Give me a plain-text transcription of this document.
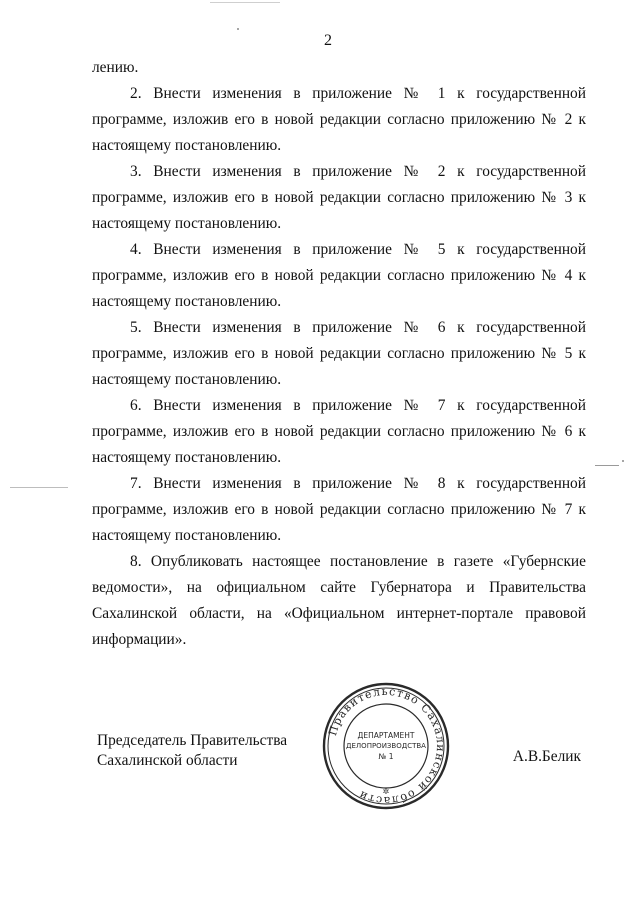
2

лению.

2. Внести изменения в приложение № 1 к государственной программе, изложив его в новой редакции согласно приложению № 2 к настоящему постановлению.

3. Внести изменения в приложение № 2 к государственной программе, изложив его в новой редакции согласно приложению № 3 к настоящему постановлению.

4. Внести изменения в приложение № 5 к государственной программе, изложив его в новой редакции согласно приложению № 4 к настоящему постановлению.

5. Внести изменения в приложение № 6 к государственной программе, изложив его в новой редакции согласно приложению № 5 к настоящему постановлению.

6. Внести изменения в приложение № 7 к государственной программе, изложив его в новой редакции согласно приложению № 6 к настоящему постановлению.

7. Внести изменения в приложение № 8 к государственной программе, изложив его в новой редакции согласно приложению № 7 к настоящему постановлению.

8. Опубликовать настоящее постановление в газете «Губернские ведомости», на официальном сайте Губернатора и Правительства Сахалинской области, на «Официальном интернет-портале правовой информации».

Председатель Правительства
Сахалинской области	А.В.Белик
Правительство Сахалинской области
ДЕПАРТАМЕНТ
ДЕЛОПРОИЗВОДСТВА
№ 1
✲
